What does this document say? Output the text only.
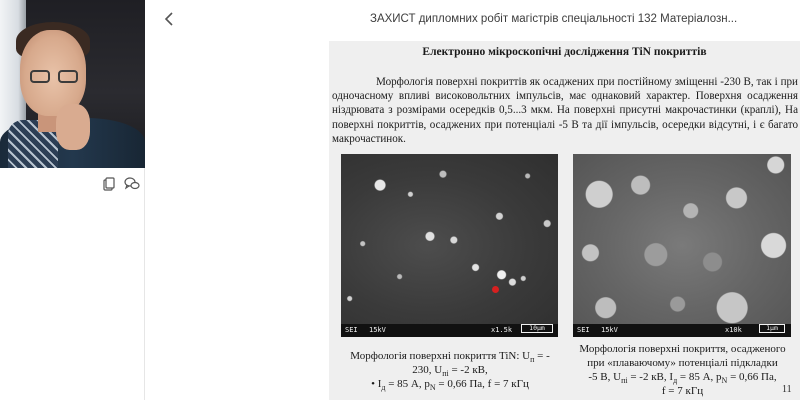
ЗАХИСТ дипломних робіт магістрів спеціальності 132 Матеріалозн...
Електронно мікроскопічні дослідження TiN покриттів
Морфологія поверхні покриттів як осаджених при постійному зміщенні -230 В, так і при одночасному впливі високовольтних імпульсів, має однаковий характер. Поверхня осадження ніздрювата з розмірами осередків 0,5...3 мкм. На поверхні присутні макрочастинки (краплі), На поверхні покриттів, осаджених при потенціалі -5 В та дії імпульсів, осередки відсутні, і є багато макрочастинок.
SEI 15kV	x1.5k	10μm	SEI 15kV	x10k	1μm
Морфологія поверхні покриття TiN: $U_п$ = -
230, $U_{пі} = -2$ кВ,
• $I_д = 85$ А, $p_N = 0,66$ Па, f = 7 кГц
Морфологія поверхні покриття, осадженого
при «плаваючому» потенціалі підкладки
-5 В, $U_{пі} = -2$ кВ, $I_д = 85$ А, $p_N = 0,66$ Па,
f = 7 кГц	11
